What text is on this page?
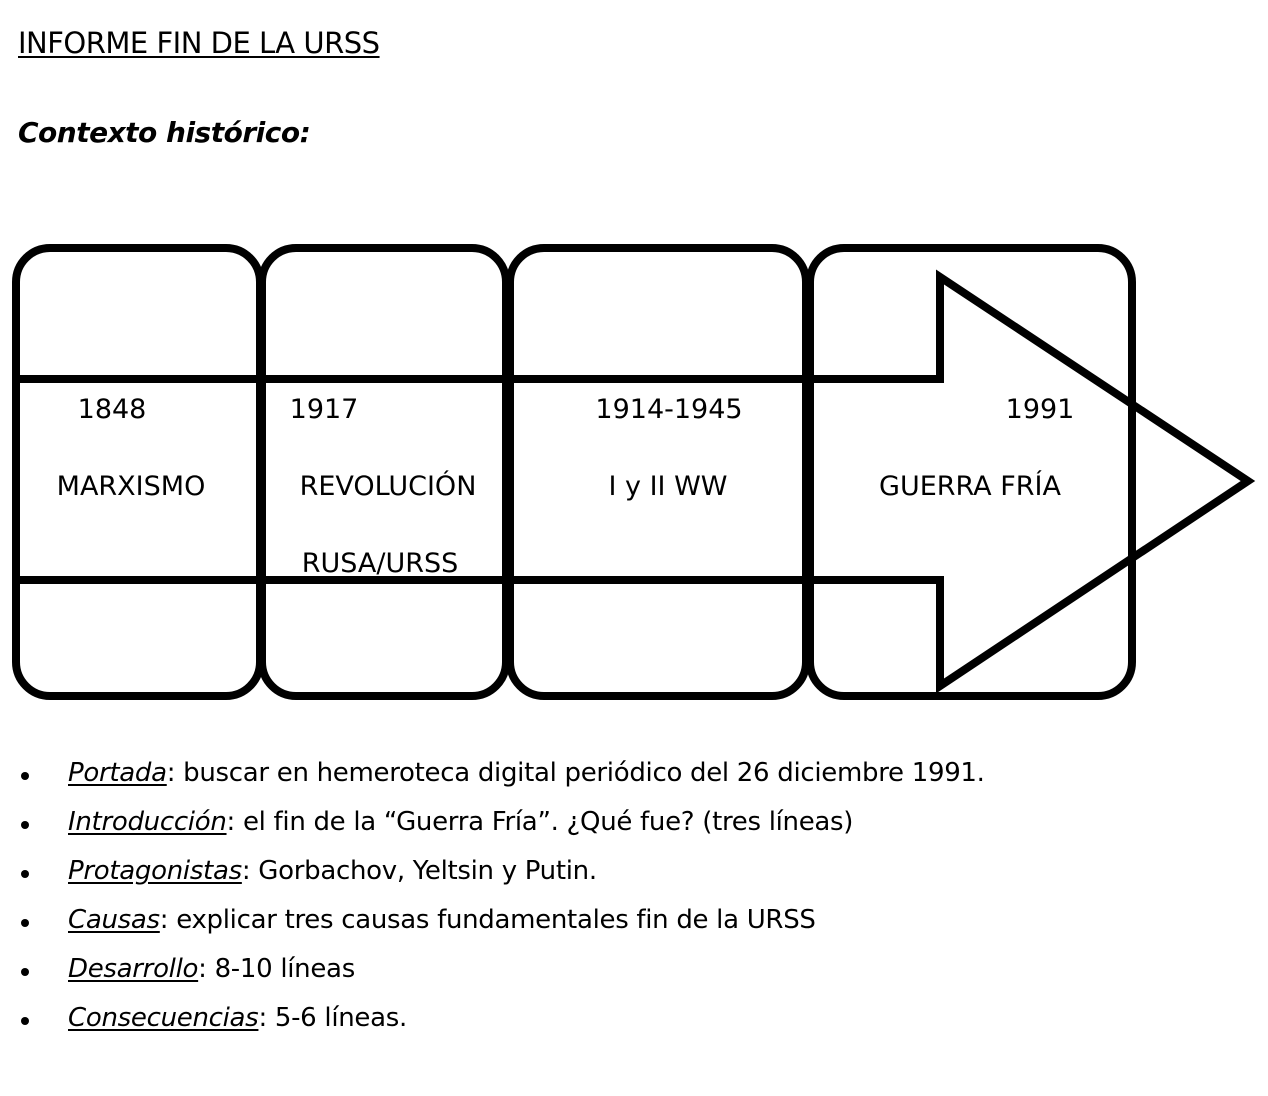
INFORME FIN DE LA URSS
Contexto histórico:
1848
MARXISMO
1917
REVOLUCIÓN
RUSA/URSS
1914-1945
I y II WW
1991
GUERRA FRÍA
Portada: buscar en hemeroteca digital periódico del 26 diciembre 1991.
Introducción: el fin de la “Guerra Fría”. ¿Qué fue? (tres líneas)
Protagonistas: Gorbachov, Yeltsin y Putin.
Causas: explicar tres causas fundamentales fin de la URSS
Desarrollo: 8-10 líneas
Consecuencias: 5-6 líneas.
